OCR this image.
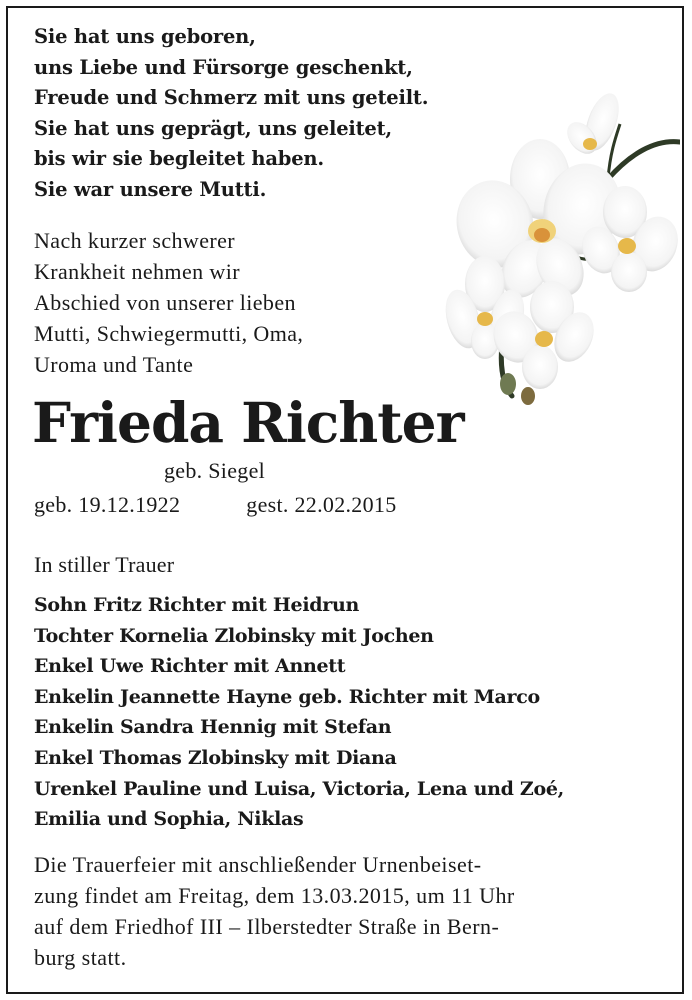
Sie hat uns geboren,
uns Liebe und Fürsorge geschenkt,
Freude und Schmerz mit uns geteilt.
Sie hat uns geprägt, uns geleitet,
bis wir sie begleitet haben.
Sie war unsere Mutti.
Nach kurzer schwerer
Krankheit nehmen wir
Abschied von unserer lieben
Mutti, Schwiegermutti, Oma,
Uroma und Tante
Frieda Richter
geb. Siegel
geb. 19.12.1922	gest. 22.02.2015
In stiller Trauer
Sohn Fritz Richter mit Heidrun
Tochter Kornelia Zlobinsky mit Jochen
Enkel Uwe Richter mit Annett
Enkelin Jeannette Hayne geb. Richter mit Marco
Enkelin Sandra Hennig mit Stefan
Enkel Thomas Zlobinsky mit Diana
Urenkel Pauline und Luisa, Victoria, Lena und Zoé,
Emilia und Sophia, Niklas
Die Trauerfeier mit anschließender Urnenbeiset-
zung findet am Freitag, dem 13.03.2015, um 11 Uhr
auf dem Friedhof III – Ilberstedter Straße in Bern-
burg statt.
